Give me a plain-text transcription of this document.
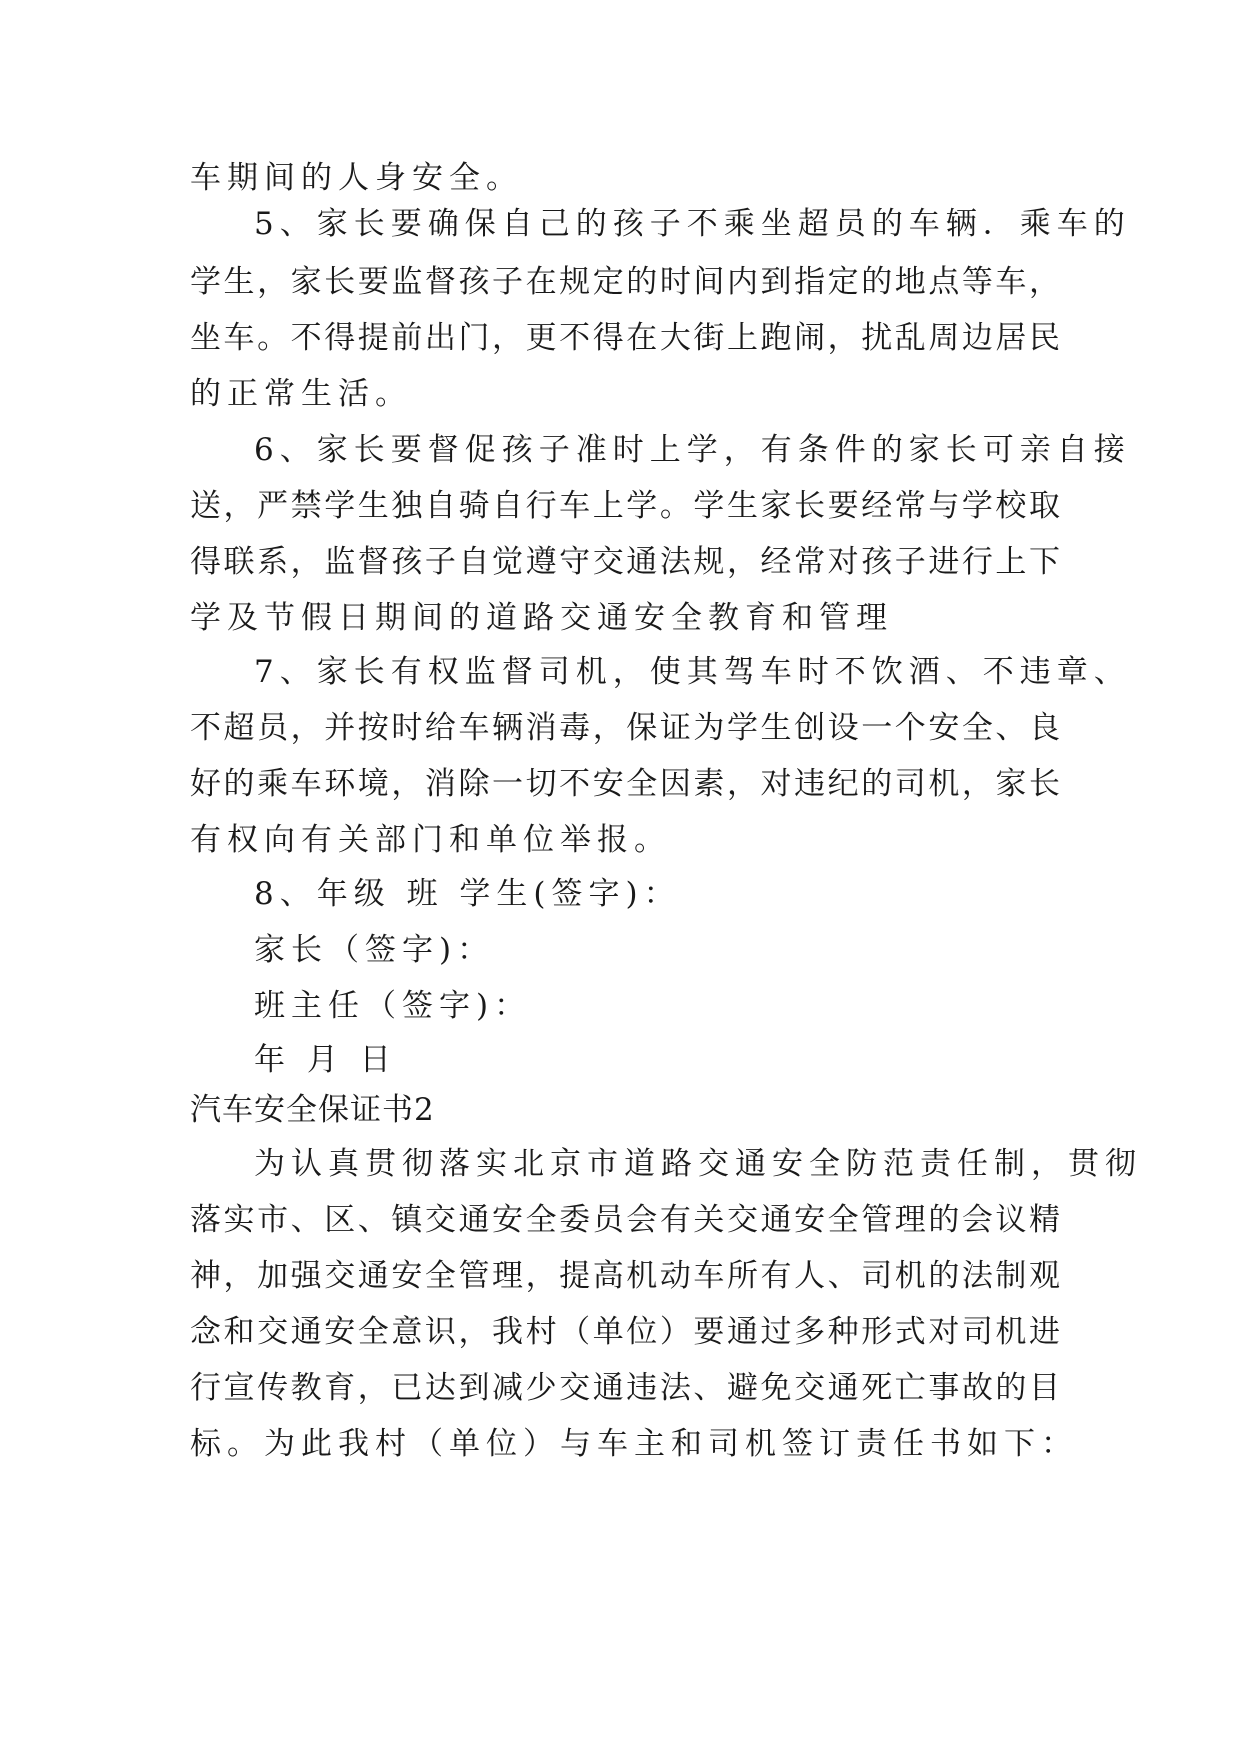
车期间的人身安全。
5、家长要确保自己的孩子不乘坐超员的车辆．乘车的
学生，家长要监督孩子在规定的时间内到指定的地点等车，
坐车。不得提前出门，更不得在大街上跑闹，扰乱周边居民
的正常生活。
6、家长要督促孩子准时上学，有条件的家长可亲自接
送，严禁学生独自骑自行车上学。学生家长要经常与学校取
得联系，监督孩子自觉遵守交通法规，经常对孩子进行上下
学及节假日期间的道路交通安全教育和管理
7、家长有权监督司机，使其驾车时不饮酒、不违章、
不超员，并按时给车辆消毒，保证为学生创设一个安全、良
好的乘车环境，消除一切不安全因素，对违纪的司机，家长
有权向有关部门和单位举报。
8、年级 班 学生(签字)：
家长（签字)：
班主任（签字)：
年 月 日
汽车安全保证书2
为认真贯彻落实北京市道路交通安全防范责任制，贯彻
落实市、区、镇交通安全委员会有关交通安全管理的会议精
神，加强交通安全管理，提高机动车所有人、司机的法制观
念和交通安全意识，我村（单位）要通过多种形式对司机进
行宣传教育，已达到减少交通违法、避免交通死亡事故的目
标。为此我村（单位）与车主和司机签订责任书如下：
